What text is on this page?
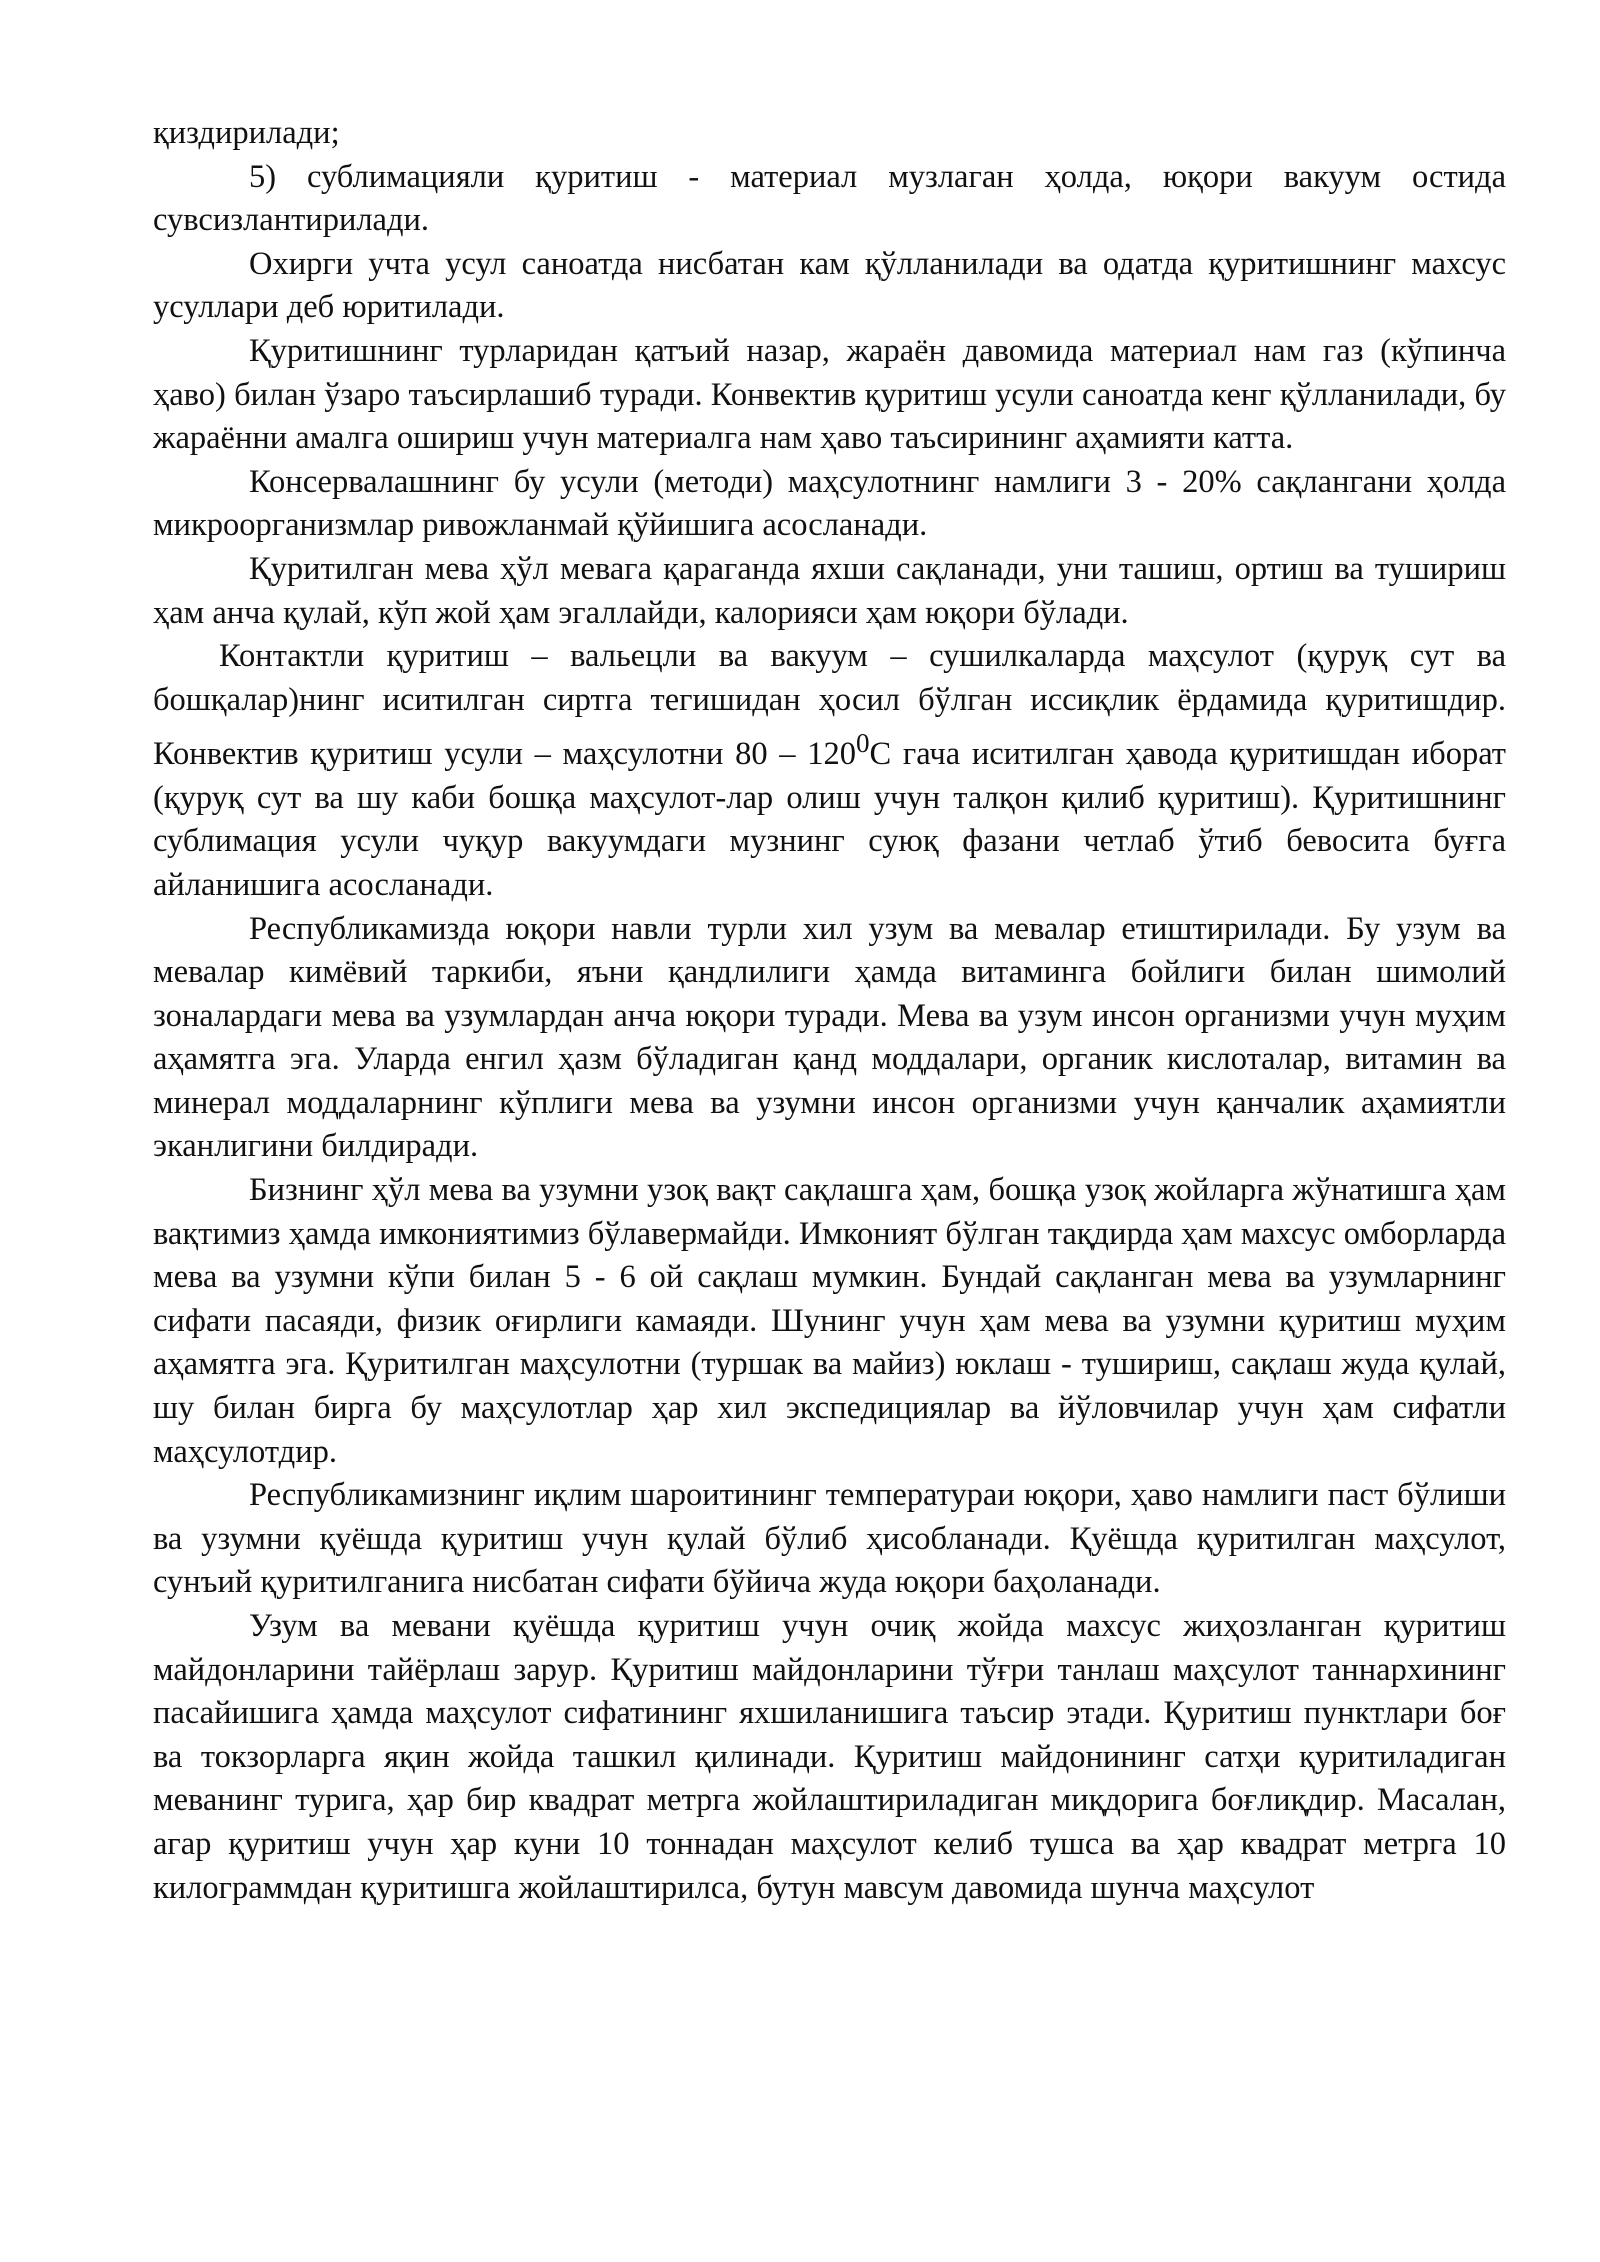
қиздирилади;

5) сублимацияли қуритиш - материал музлаган ҳолда, юқори вакуум остида сувсизлантирилади.

Охирги учта усул саноатда нисбатан кам қўлланилади ва одатда қуритишнинг махсус усуллари деб юритилади.

Қуритишнинг турларидан қатъий назар, жараён давомида материал нам газ (кўпинча ҳаво) билан ўзаро таъсирлашиб туради. Конвектив қуритиш усули саноатда кенг қўлланилади, бу жараённи амалга ошириш учун материалга нам ҳаво таъсирининг аҳамияти катта.

Консервалашнинг бу усули (методи) маҳсулотнинг намлиги 3 - 20% сақлангани ҳолда микроорганизмлар ривожланмай қўйишига асосланади.

Қуритилган мева ҳўл мевага қараганда яхши сақланади, уни ташиш, ортиш ва тушириш ҳам анча қулай, кўп жой ҳам эгаллайди, калорияси ҳам юқори бўлади.

Контактли қуритиш – вальецли ва вакуум – сушилкаларда маҳсулот (қуруқ сут ва бошқалар)нинг иситилган сиртга тегишидан ҳосил бўлган иссиқлик ёрдамида қуритишдир. Конвектив қуритиш усули – маҳсулотни $80 - 120^0С$ гача иситилган ҳавода қуритишдан иборат (қуруқ сут ва шу каби бошқа маҳсулот-лар олиш учун талқон қилиб қуритиш). Қуритишнинг сублимация усули чуқур вакуумдаги музнинг суюқ фазани четлаб ўтиб бевосита буғга айланишига асосланади.

Республикамизда юқори навли турли хил узум ва мевалар етиштирилади. Бу узум ва мевалар кимёвий таркиби, яъни қандлилиги ҳамда витаминга бойлиги билан шимолий зоналардаги мева ва узумлардан анча юқори туради. Мева ва узум инсон организми учун муҳим аҳамятга эга. Уларда енгил ҳазм бўладиган қанд моддалари, органик кислоталар, витамин ва минерал моддаларнинг кўплиги мева ва узумни инсон организми учун қанчалик аҳамиятли эканлигини билдиради.

Бизнинг ҳўл мева ва узумни узоқ вақт сақлашга ҳам, бошқа узоқ жойларга жўнатишга ҳам вақтимиз ҳамда имкониятимиз бўлавермайди. Имконият бўлган тақдирда ҳам махсус омборларда мева ва узумни кўпи билан 5 - 6 ой сақлаш мумкин. Бундай сақланган мева ва узумларнинг сифати пасаяди, физик оғирлиги камаяди. Шунинг учун ҳам мева ва узумни қуритиш муҳим аҳамятга эга. Қуритилган маҳсулотни (туршак ва майиз) юклаш - тушириш, сақлаш жуда қулай, шу билан бирга бу маҳсулотлар ҳар хил экспедициялар ва йўловчилар учун ҳам сифатли маҳсулотдир.

Республикамизнинг иқлим шароитининг температураи юқори, ҳаво намлиги паст бўлиши ва узумни қуёшда қуритиш учун қулай бўлиб ҳисобланади. Қуёшда қуритилган маҳсулот, сунъий қуритилганига нисбатан сифати бўйича жуда юқори баҳоланади.

Узум ва мевани қуёшда қуритиш учун очиқ жойда махсус жиҳозланган қуритиш майдонларини тайёрлаш зарур. Қуритиш майдонларини тўғри танлаш маҳсулот таннархининг пасайишига ҳамда маҳсулот сифатининг яхшиланишига таъсир этади. Қуритиш пунктлари боғ ва токзорларга яқин жойда ташкил қилинади. Қуритиш майдонининг сатҳи қуритиладиган меванинг турига, ҳар бир квадрат метрга жойлаштириладиган миқдорига боғлиқдир. Масалан, агар қуритиш учун ҳар куни 10 тоннадан маҳсулот келиб тушса ва ҳар квадрат метрга 10 килограммдан қуритишга жойлаштирилса, бутун мавсум давомида шунча маҳсулот
